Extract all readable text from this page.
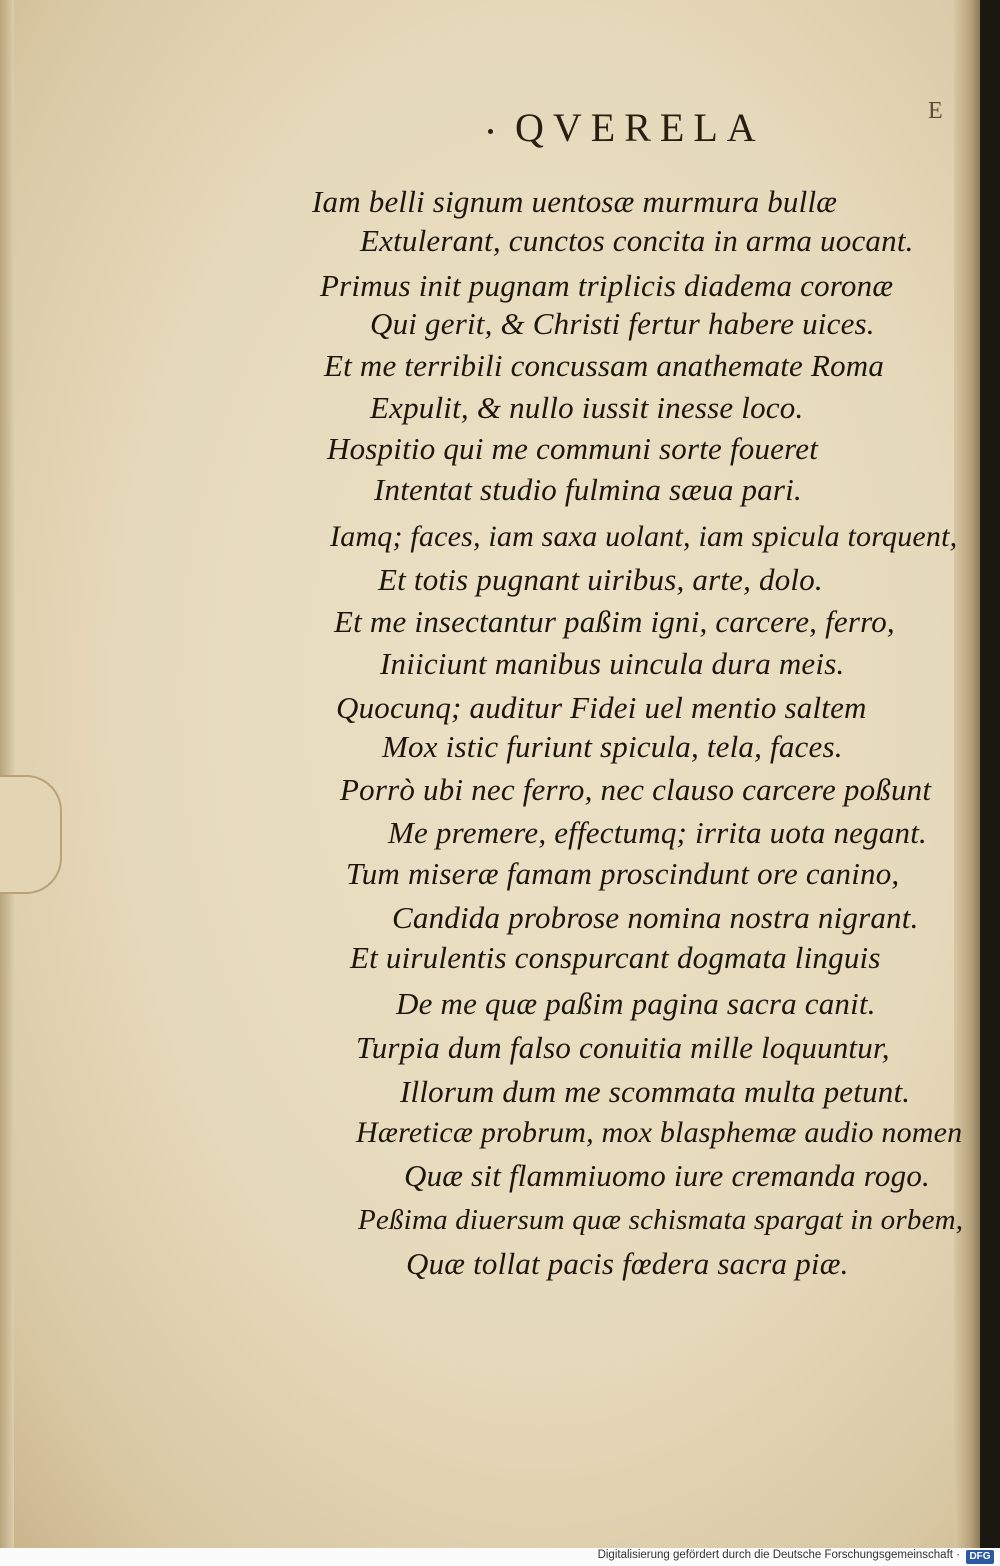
QVERELA	E
Iam belli signum uentosæ murmura bullæ
Extulerant, cunctos concita in arma uocant.
Primus init pugnam triplicis diadema coronæ
Qui gerit, & Christi fertur habere uices.
Et me terribili concussam anathemate Roma
Expulit, & nullo iussit inesse loco.
Hospitio qui me communi sorte foueret
Intentat studio fulmina sæua pari.
Iamq; faces, iam saxa uolant, iam spicula torquent,
Et totis pugnant uiribus, arte, dolo.
Et me insectantur paßim igni, carcere, ferro,
Iniiciunt manibus uincula dura meis.
Quocunq; auditur Fidei uel mentio saltem
Mox istic furiunt spicula, tela, faces.
Porrò ubi nec ferro, nec clauso carcere poßunt
Me premere, effectumq; irrita uota negant.
Tum miseræ famam proscindunt ore canino,
Candida probrose nomina nostra nigrant.
Et uirulentis conspurcant dogmata linguis
De me quæ paßim pagina sacra canit.
Turpia dum falso conuitia mille loquuntur,
Illorum dum me scommata multa petunt.
Hæreticæ probrum, mox blasphemæ audio nomen
Quæ sit flammiuomo iure cremanda rogo.
Peßima diuersum quæ schismata spargat in orbem,
Quæ tollat pacis fœdera sacra piæ.
Digitalisierung gefördert durch die Deutsche Forschungsgemeinschaft · DFG
